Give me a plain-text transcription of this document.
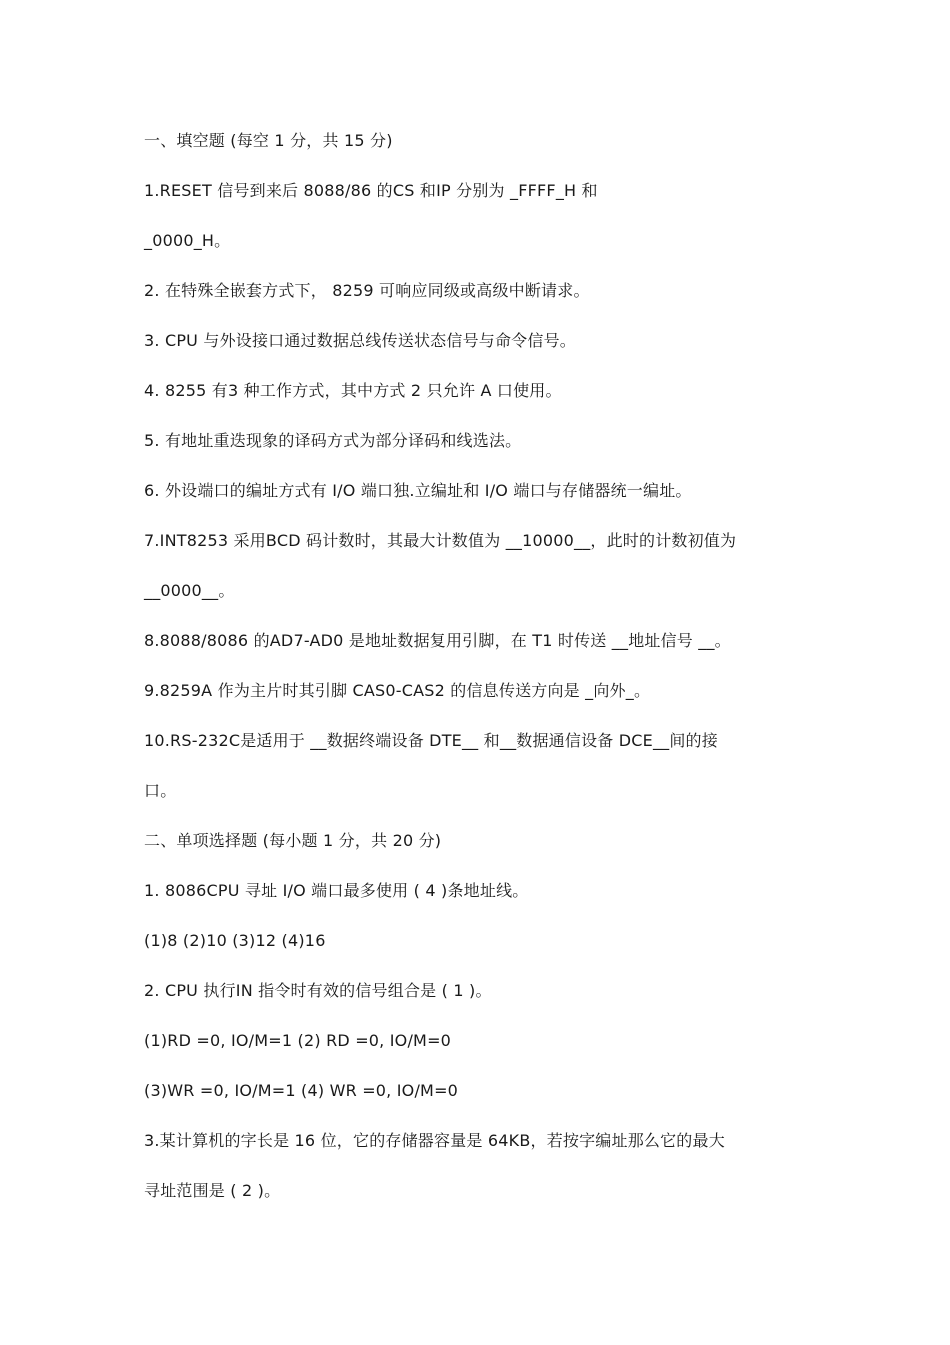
一、填空题 (每空 1 分，共 15 分)
1.RESET 信号到来后 8088/86 的CS 和IP 分别为 _FFFF_H 和
_0000_H。
2. 在特殊全嵌套方式下， 8259 可响应同级或高级中断请求。
3. CPU 与外设接口通过数据总线传送状态信号与命令信号。
4. 8255 有3 种工作方式，其中方式 2 只允许 A 口使用。
5. 有地址重迭现象的译码方式为部分译码和线选法。
6. 外设端口的编址方式有 I/O 端口独.立编址和 I/O 端口与存储器统一编址。
7.INT8253 采用BCD 码计数时，其最大计数值为 __10000__，此时的计数初值为
__0000__。
8.8088/8086 的AD7-AD0 是地址数据复用引脚，在 T1 时传送 __地址信号 __。
9.8259A 作为主片时其引脚 CAS0-CAS2 的信息传送方向是 _向外_。
10.RS-232C是适用于 __数据终端设备 DTE__ 和__数据通信设备 DCE__间的接
口。
二、单项选择题 (每小题 1 分，共 20 分)
1. 8086CPU 寻址 I/O 端口最多使用 ( 4 )条地址线。
(1)8 (2)10 (3)12 (4)16
2. CPU 执行IN 指令时有效的信号组合是 ( 1 )。
(1)RD =0, IO/M=1 (2) RD =0, IO/M=0
(3)WR =0, IO/M=1 (4) WR =0, IO/M=0
3.某计算机的字长是 16 位，它的存储器容量是 64KB，若按字编址那么它的最大
寻址范围是 ( 2 )。
